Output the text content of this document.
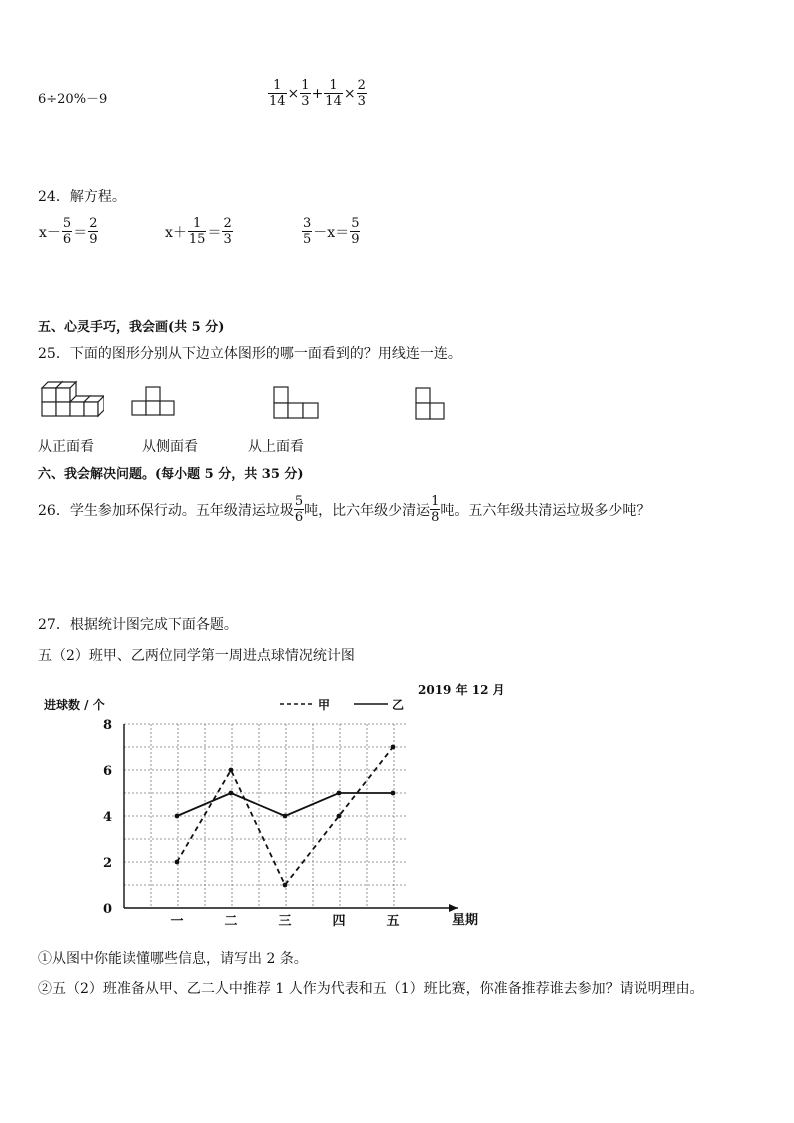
6÷20%－9	$\frac{1}{14} \times \frac{1}{3} + \frac{1}{14} \times \frac{2}{3}$
24．解方程。
$x- \frac{5}{6} = \frac{2}{9}$	$x+ \frac{1}{15} = \frac{2}{3}$	$\frac{3}{5} -x= \frac{5}{9}$
五、心灵手巧，我会画(共 5 分)
25．下面的图形分别从下边立体图形的哪一面看到的？用线连一连。
从正面看	从侧面看	从上面看
六、我会解决问题。(每小题 5 分，共 35 分)
26．学生参加环保行动。五年级清运垃圾 $\frac{5}{6}$ 吨，比六年级少清运 $\frac{1}{8}$ 吨。五六年级共清运垃圾多少吨？
27．根据统计图完成下面各题。
五（2）班甲、乙两位同学第一周进点球情况统计图
0
2
4
6
8
一	二	三	四	五
进球数 / 个
星期
2019 年 12 月
甲	乙
①从图中你能读懂哪些信息，请写出 2 条。
②五（2）班准备从甲、乙二人中推荐 1 人作为代表和五（1）班比赛，你准备推荐谁去参加？请说明理由。
